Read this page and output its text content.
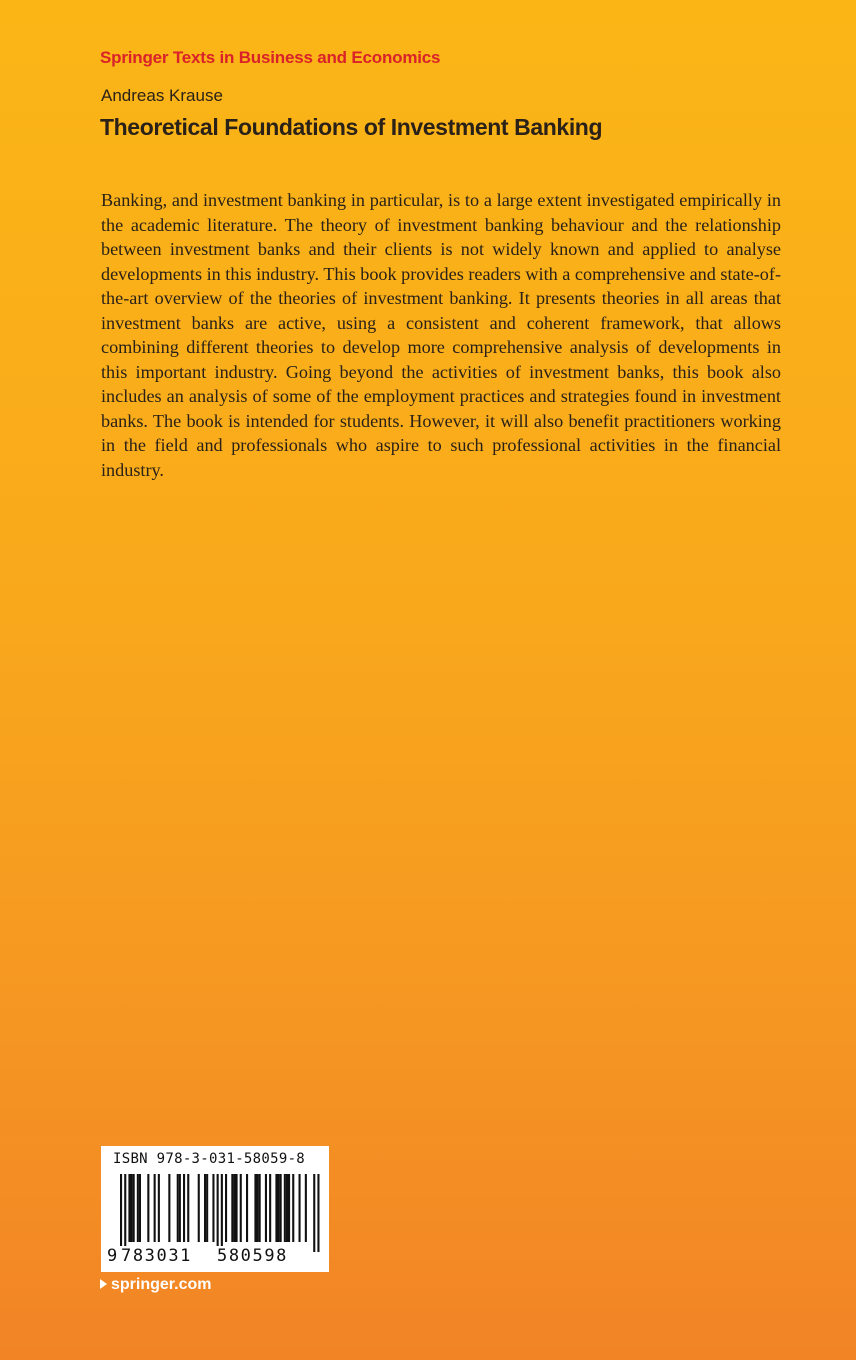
Springer Texts in Business and Economics
Andreas Krause
Theoretical Foundations of Investment Banking

Banking, and investment banking in particular, is to a large extent investigated empirically in the academic literature. The theory of investment banking behaviour and the relationship between investment banks and their clients is not widely known and applied to analyse developments in this industry. This book provides readers with a comprehensive and state-of-the-art overview of the theories of investment banking. It presents theories in all areas that investment banks are active, using a consistent and coherent framework, that allows combining different theories to develop more comprehensive analysis of developments in this important industry. Going beyond the activities of investment banks, this book also includes an analysis of some of the employment practices and strategies found in investment banks. The book is intended for students. However, it will also benefit practitioners working in the field and professionals who aspire to such professional activities in the financial industry.

ISBN 978-3-031-58059-8
9 783031 580598
springer.com
